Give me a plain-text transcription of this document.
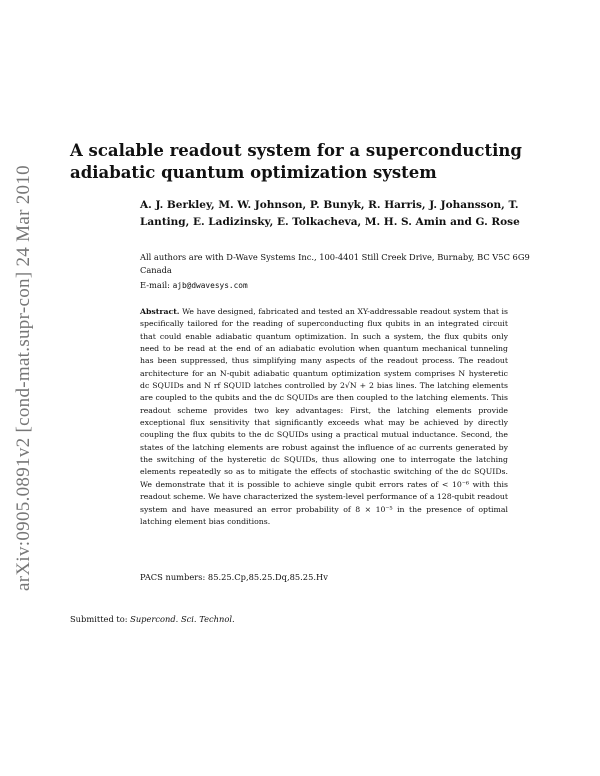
arXiv:0905.0891v2 [cond-mat.supr-con] 24 Mar 2010
A scalable readout system for a superconducting adiabatic quantum optimization system

A. J. Berkley, M. W. Johnson, P. Bunyk, R. Harris, J. Johansson, T. Lanting, E. Ladizinsky, E. Tolkacheva, M. H. S. Amin and G. Rose

All authors are with D-Wave Systems Inc., 100-4401 Still Creek Drive, Burnaby, BC V5C 6G9 Canada
E-mail: ajb@dwavesys.com

Abstract. We have designed, fabricated and tested an XY-addressable readout system that is specifically tailored for the reading of superconducting flux qubits in an integrated circuit that could enable adiabatic quantum optimization. In such a system, the flux qubits only need to be read at the end of an adiabatic evolution when quantum mechanical tunneling has been suppressed, thus simplifying many aspects of the readout process. The readout architecture for an N-qubit adiabatic quantum optimization system comprises N hysteretic dc SQUIDs and N rf SQUID latches controlled by 2√N + 2 bias lines. The latching elements are coupled to the qubits and the dc SQUIDs are then coupled to the latching elements. This readout scheme provides two key advantages: First, the latching elements provide exceptional flux sensitivity that significantly exceeds what may be achieved by directly coupling the flux qubits to the dc SQUIDs using a practical mutual inductance. Second, the states of the latching elements are robust against the influence of ac currents generated by the switching of the hysteretic dc SQUIDs, thus allowing one to interrogate the latching elements repeatedly so as to mitigate the effects of stochastic switching of the dc SQUIDs. We demonstrate that it is possible to achieve single qubit errors rates of < 10⁻⁶ with this readout scheme. We have characterized the system-level performance of a 128-qubit readout system and have measured an error probability of 8 × 10⁻⁵ in the presence of optimal latching element bias conditions.

PACS numbers: 85.25.Cp,85.25.Dq,85.25.Hv
Submitted to: Supercond. Sci. Technol.
